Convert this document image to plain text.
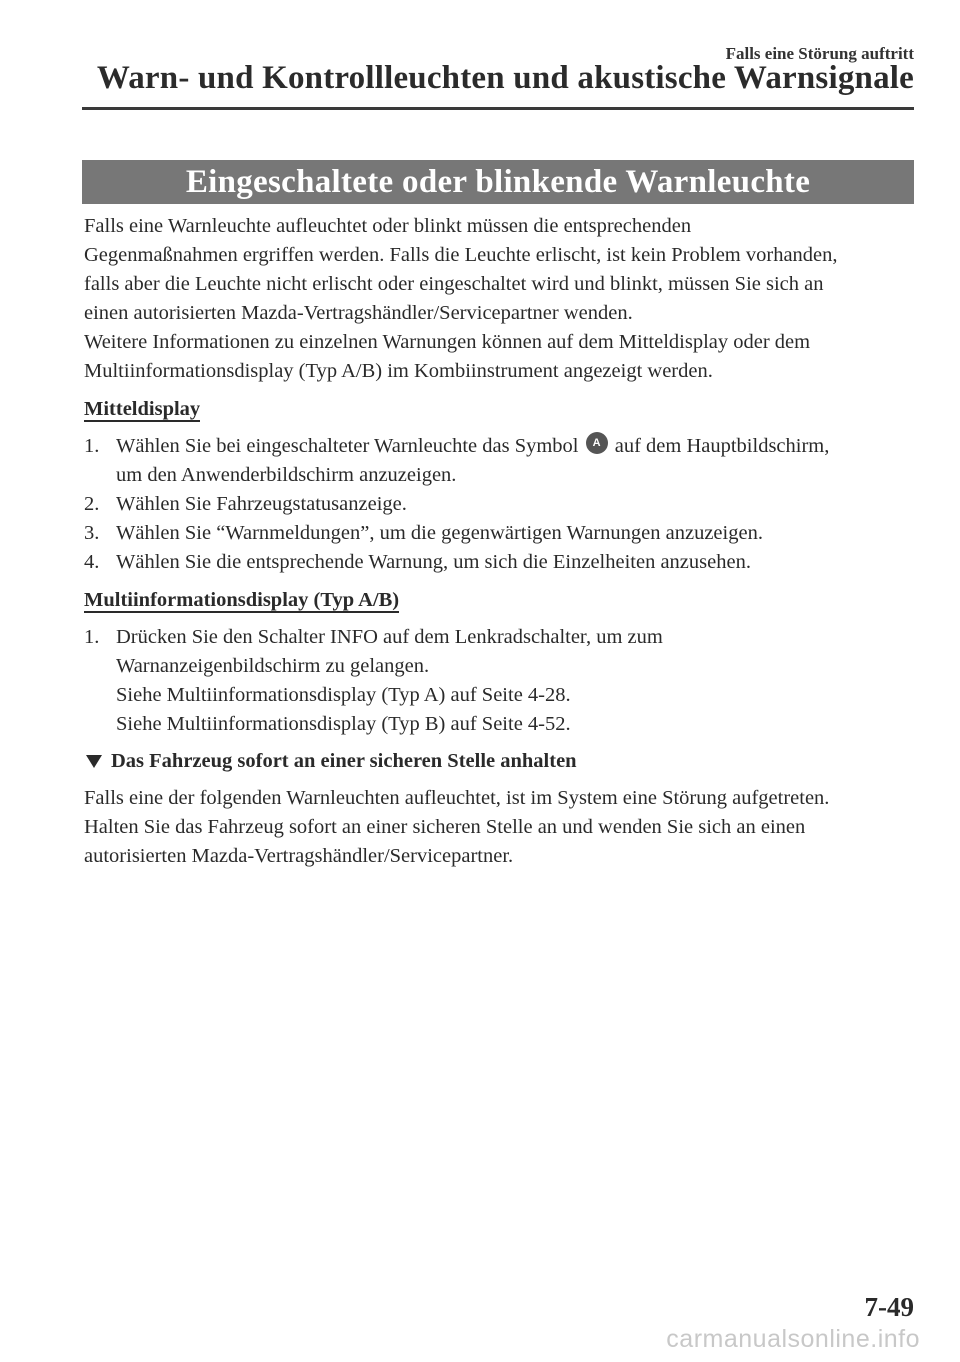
Falls eine Störung auftritt
Warn- und Kontrollleuchten und akustische Warnsignale
Eingeschaltete oder blinkende Warnleuchte

Falls eine Warnleuchte aufleuchtet oder blinkt müssen die entsprechenden
Gegenmaßnahmen ergriffen werden. Falls die Leuchte erlischt, ist kein Problem vorhanden,
falls aber die Leuchte nicht erlischt oder eingeschaltet wird und blinkt, müssen Sie sich an
einen autorisierten Mazda-Vertragshändler/Servicepartner wenden.
Weitere Informationen zu einzelnen Warnungen können auf dem Mitteldisplay oder dem
Multiinformationsdisplay (Typ A/B) im Kombiinstrument angezeigt werden.

Mitteldisplay
1. Wählen Sie bei eingeschalteter Warnleuchte das Symbol A auf dem Hauptbildschirm,
um den Anwenderbildschirm anzuzeigen.
2. Wählen Sie Fahrzeugstatusanzeige.
3. Wählen Sie “Warnmeldungen”, um die gegenwärtigen Warnungen anzuzeigen.
4. Wählen Sie die entsprechende Warnung, um sich die Einzelheiten anzusehen.
Multiinformationsdisplay (Typ A/B)
1. Drücken Sie den Schalter INFO auf dem Lenkradschalter, um zum
Warnanzeigenbildschirm zu gelangen.
Siehe Multiinformationsdisplay (Typ A) auf Seite 4-28.
Siehe Multiinformationsdisplay (Typ B) auf Seite 4-52.
Das Fahrzeug sofort an einer sicheren Stelle anhalten

Falls eine der folgenden Warnleuchten aufleuchtet, ist im System eine Störung aufgetreten.
Halten Sie das Fahrzeug sofort an einer sicheren Stelle an und wenden Sie sich an einen
autorisierten Mazda-Vertragshändler/Servicepartner.

7-49
carmanualsonline.info
